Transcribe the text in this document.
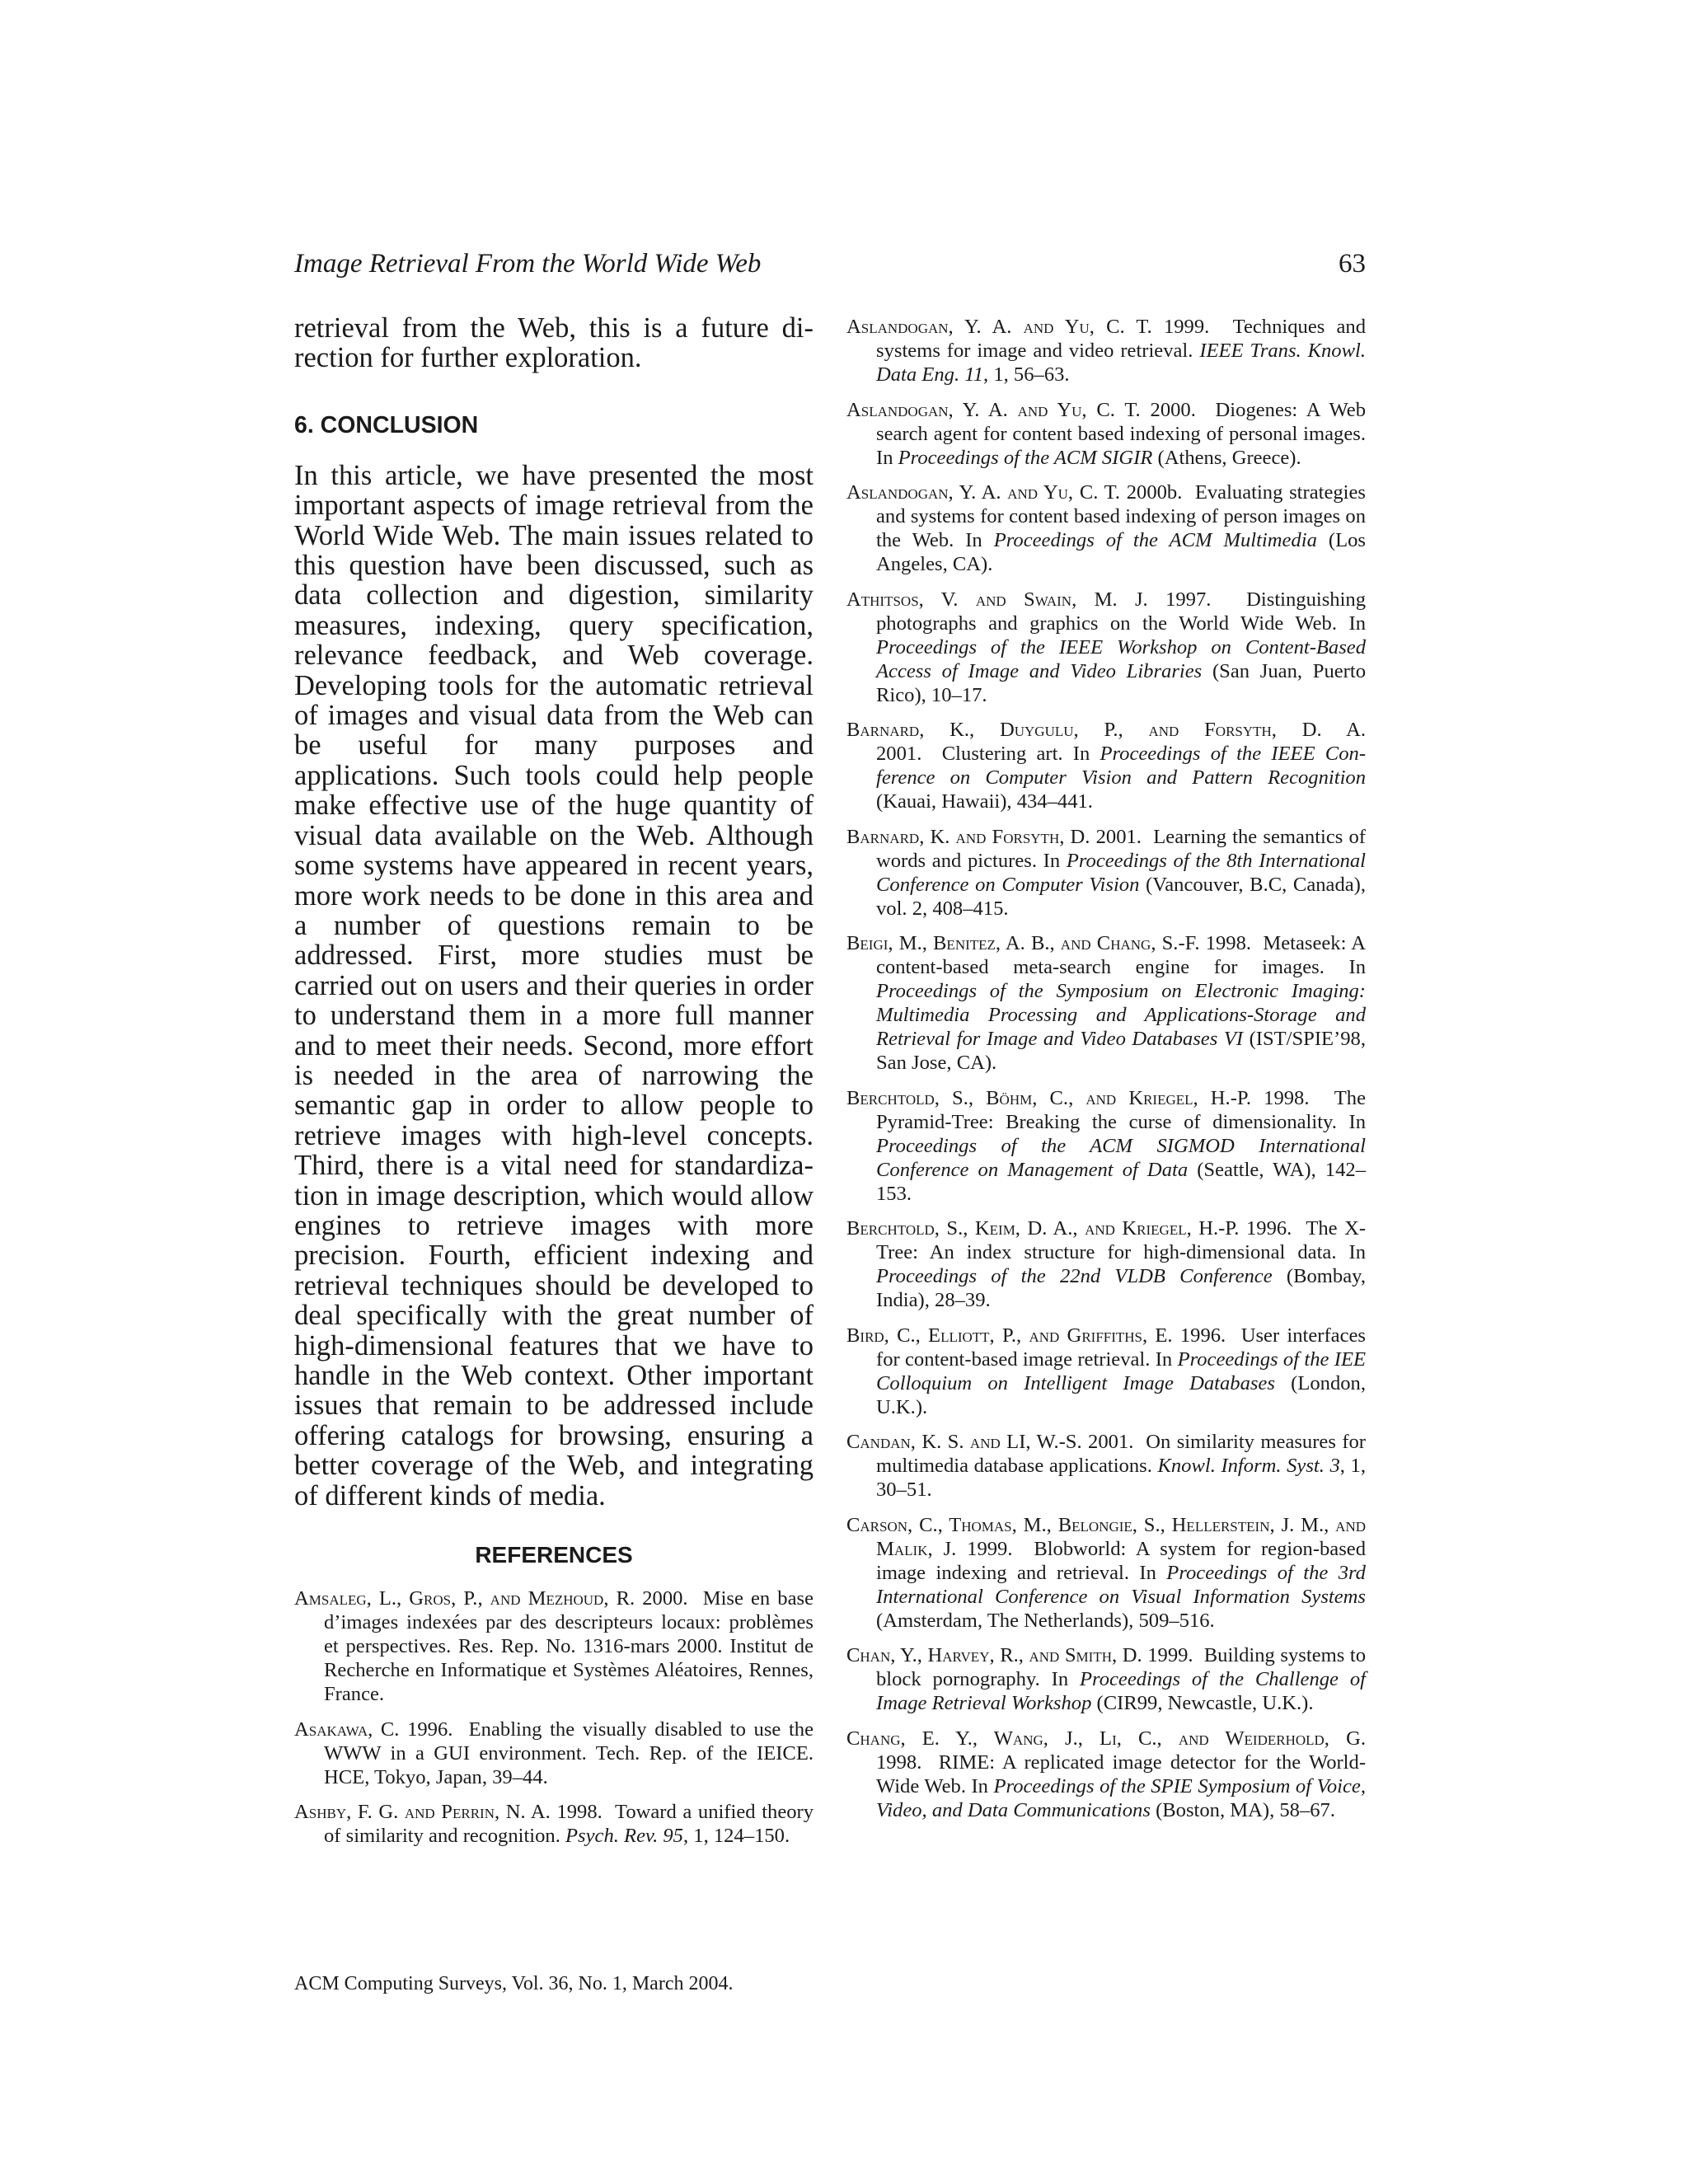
Image Retrieval From the World Wide Web	63

retrieval from the Web, this is a future direction for further exploration.

6. CONCLUSION

In this article, we have presented the most important aspects of image retrieval from the World Wide Web. The main issues related to this question have been discussed, such as data collection and digestion, similarity measures, indexing, query specification, relevance feedback, and Web coverage. Developing tools for the automatic retrieval of images and visual data from the Web can be useful for many purposes and applications. Such tools could help people make effective use of the huge quantity of visual data available on the Web. Although some systems have appeared in recent years, more work needs to be done in this area and a number of questions remain to be addressed. First, more studies must be carried out on users and their queries in order to understand them in a more full manner and to meet their needs. Second, more effort is needed in the area of narrowing the semantic gap in order to allow people to retrieve images with high-level concepts. Third, there is a vital need for standardization in image description, which would allow engines to retrieve images with more precision. Fourth, efficient indexing and retrieval techniques should be developed to deal specifically with the great number of high-dimensional features that we have to handle in the Web context. Other important issues that remain to be addressed include offering catalogs for browsing, ensuring a better coverage of the Web, and integrating of different kinds of media.

REFERENCES

Amsaleg, L., Gros, P., and Mezhoud, R. 2000. Mise en base d’images indexées par des descripteurs locaux: problèmes et perspectives. Res. Rep. No. 1316-mars 2000. Institut de Recherche en Informatique et Systèmes Aléatoires, Rennes, France.

Asakawa, C. 1996. Enabling the visually disabled to use the WWW in a GUI environment. Tech. Rep. of the IEICE. HCE, Tokyo, Japan, 39–44.

Ashby, F. G. and Perrin, N. A. 1998. Toward a unified theory of similarity and recognition. Psych. Rev. 95, 1, 124–150.

Aslandogan, Y. A. and Yu, C. T. 1999. Techniques and systems for image and video retrieval. IEEE Trans. Knowl. Data Eng. 11, 1, 56–63.

Aslandogan, Y. A. and Yu, C. T. 2000. Diogenes: A Web search agent for content based indexing of personal images. In Proceedings of the ACM SIGIR (Athens, Greece).

Aslandogan, Y. A. and Yu, C. T. 2000b. Evaluating strategies and systems for content based indexing of person images on the Web. In Proceedings of the ACM Multimedia (Los Angeles, CA).

Athitsos, V. and Swain, M. J. 1997. Distinguishing photographs and graphics on the World Wide Web. In Proceedings of the IEEE Workshop on Content-Based Access of Image and Video Libraries (San Juan, Puerto Rico), 10–17.

Barnard, K., Duygulu, P., and Forsyth, D. A. 2001. Clustering art. In Proceedings of the IEEE Conference on Computer Vision and Pattern Recognition (Kauai, Hawaii), 434–441.

Barnard, K. and Forsyth, D. 2001. Learning the semantics of words and pictures. In Proceedings of the 8th International Conference on Computer Vision (Vancouver, B.C, Canada), vol. 2, 408–415.

Beigi, M., Benitez, A. B., and Chang, S.-F. 1998. Metaseek: A content-based meta-search engine for images. In Proceedings of the Symposium on Electronic Imaging: Multimedia Processing and Applications-Storage and Retrieval for Image and Video Databases VI (IST/SPIE’98, San Jose, CA).

Berchtold, S., Böhm, C., and Kriegel, H.-P. 1998. The Pyramid-Tree: Breaking the curse of dimensionality. In Proceedings of the ACM SIGMOD International Conference on Management of Data (Seattle, WA), 142–153.

Berchtold, S., Keim, D. A., and Kriegel, H.-P. 1996. The X-Tree: An index structure for high-dimensional data. In Proceedings of the 22nd VLDB Conference (Bombay, India), 28–39.

Bird, C., Elliott, P., and Griffiths, E. 1996. User interfaces for content-based image retrieval. In Proceedings of the IEE Colloquium on Intelligent Image Databases (London, U.K.).

Candan, K. S. and LI, W.-S. 2001. On similarity measures for multimedia database applications. Knowl. Inform. Syst. 3, 1, 30–51.

Carson, C., Thomas, M., Belongie, S., Hellerstein, J. M., and Malik, J. 1999. Blobworld: A system for region-based image indexing and retrieval. In Proceedings of the 3rd International Conference on Visual Information Systems (Amsterdam, The Netherlands), 509–516.

Chan, Y., Harvey, R., and Smith, D. 1999. Building systems to block pornography. In Proceedings of the Challenge of Image Retrieval Workshop (CIR99, Newcastle, U.K.).

Chang, E. Y., Wang, J., Li, C., and Weiderhold, G. 1998. RIME: A replicated image detector for the World-Wide Web. In Proceedings of the SPIE Symposium of Voice, Video, and Data Communications (Boston, MA), 58–67.

ACM Computing Surveys, Vol. 36, No. 1, March 2004.
